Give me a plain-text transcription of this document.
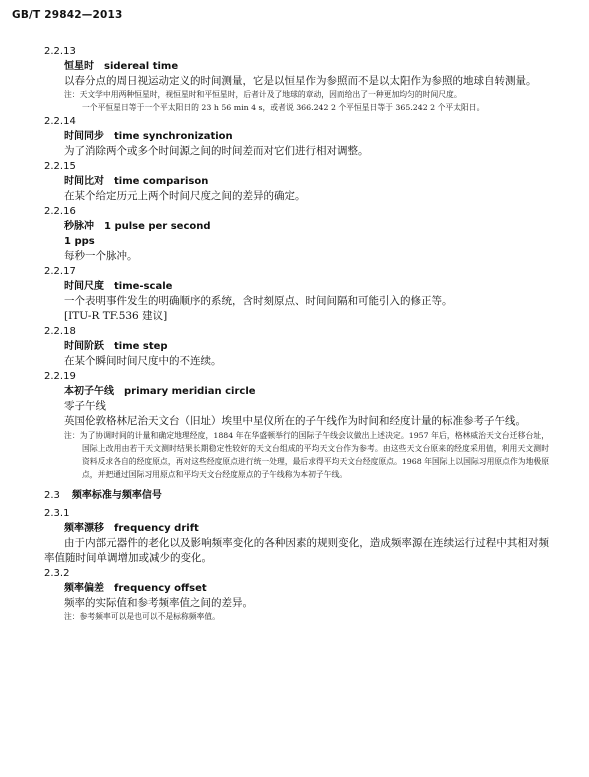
GB/T 29842—2013

2.2.13

恒星时　sidereal time

以春分点的周日视运动定义的时间测量，它是以恒星作为参照而不是以太阳作为参照的地球自转测量。

注：天文学中用两种恒星时，视恒星时和平恒星时，后者计及了地球的章动，因而给出了一种更加均匀的时间尺度。

一个平恒星日等于一个平太阳日的 23 h 56 min 4 s，或者说 366.242 2 个平恒星日等于 365.242 2 个平太阳日。

2.2.14

时间同步　time synchronization

为了消除两个或多个时间源之间的时间差而对它们进行相对调整。

2.2.15

时间比对　time comparison

在某个给定历元上两个时间尺度之间的差异的确定。

2.2.16

秒脉冲　1 pulse per second

1 pps

每秒一个脉冲。

2.2.17

时间尺度　time-scale

一个表明事件发生的明确顺序的系统，含时刻原点、时间间隔和可能引入的修正等。

[ITU-R TF.536 建议]

2.2.18

时间阶跃　time step

在某个瞬间时间尺度中的不连续。

2.2.19

本初子午线　primary meridian circle

零子午线

英国伦敦格林尼治天文台（旧址）埃里中星仪所在的子午线作为时间和经度计量的标准参考子午线。

注：为了协调时间的计量和确定地理经度，1884 年在华盛顿举行的国际子午线会议做出上述决定。1957 年后，格林威治天文台迁移台址，国际上改用由若干天文测时结果长期稳定性较好的天文台组成的平均天文台作为参考。由这些天文台原来的经度采用值，利用天文测时资料反求各自的经度原点，再对这些经度原点进行统一处理，最后求得平均天文台经度原点。1968 年国际上以国际习用原点作为地极原点，并把通过国际习用原点和平均天文台经度原点的子午线称为本初子午线。

2.3 频率标准与频率信号

2.3.1

频率漂移　frequency drift

由于内部元器件的老化以及影响频率变化的各种因素的规则变化，造成频率源在连续运行过程中其相对频率值随时间单调增加或减少的变化。

2.3.2

频率偏差　frequency offset

频率的实际值和参考频率值之间的差异。

注：参考频率可以是也可以不是标称频率值。
